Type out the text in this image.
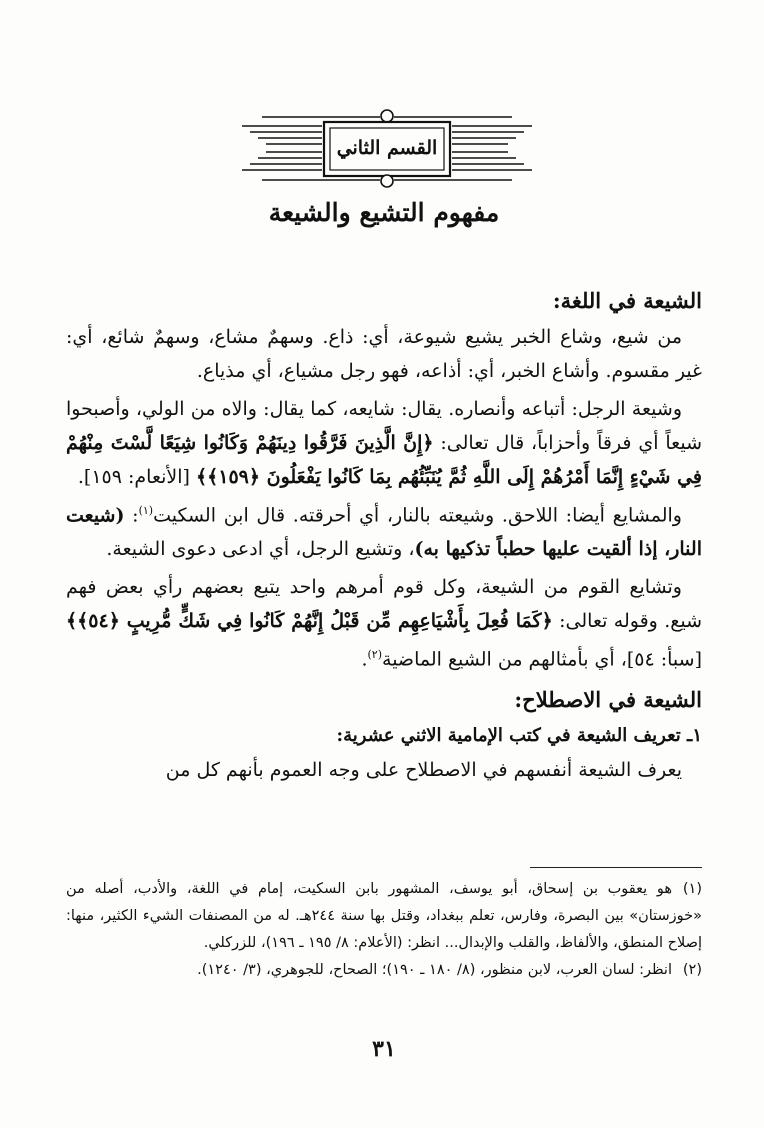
القسم الثاني
مفهوم التشيع والشيعة

الشيعة في اللغة:

من شيع، وشاع الخبر يشيع شيوعة، أي: ذاع. وسهمٌ مشاع، وسهمٌ شائع، أي: غير مقسوم. وأشاع الخبر، أي: أذاعه، فهو رجل مشياع، أي مذياع.

وشيعة الرجل: أتباعه وأنصاره. يقال: شايعه، كما يقال: والاه من الولي، وأصبحوا شيعاً أي فرقاً وأحزاباً، قال تعالى: ﴿إِنَّ الَّذِينَ فَرَّقُوا دِينَهُمْ وَكَانُوا شِيَعًا لَّسْتَ مِنْهُمْ فِي شَيْءٍ إِنَّمَا أَمْرُهُمْ إِلَى اللَّهِ ثُمَّ يُنَبِّئُهُم بِمَا كَانُوا يَفْعَلُونَ ﴿١٥٩﴾﴾ [الأنعام: ١٥٩].

والمشايع أيضا: اللاحق. وشيعته بالنار، أي أحرقته. قال ابن السكيت$^{(١)}$: (شيعت النار، إذا ألقيت عليها حطباً تذكيها به)، وتشيع الرجل، أي ادعى دعوى الشيعة.

وتشايع القوم من الشيعة، وكل قوم أمرهم واحد يتبع بعضهم رأي بعض فهم شيع. وقوله تعالى: ﴿كَمَا فُعِلَ بِأَشْيَاعِهِم مِّن قَبْلُ إِنَّهُمْ كَانُوا فِي شَكٍّ مُّرِيبٍ ﴿٥٤﴾﴾ [سبأ: ٥٤]، أي بأمثالهم من الشيع الماضية$^{(٢)}$.

الشيعة في الاصطلاح:

١ـ تعريف الشيعة في كتب الإمامية الاثني عشرية:

يعرف الشيعة أنفسهم في الاصطلاح على وجه العموم بأنهم كل من

(١)هو يعقوب بن إسحاق، أبو يوسف، المشهور بابن السكيت، إمام في اللغة، والأدب، أصله من «خوزستان» بين البصرة، وفارس، تعلم ببغداد، وقتل بها سنة ٢٤٤هـ. له من المصنفات الشيء الكثير، منها: إصلاح المنطق، والألفاظ، والقلب والإبدال... انظر: (الأعلام: ٨/ ١٩٥ ـ ١٩٦)، للزركلي.

(٢)انظر: لسان العرب، لابن منظور، (٨/ ١٨٠ ـ ١٩٠)؛ الصحاح، للجوهري، (٣/ ١٢٤٠).

٣١
